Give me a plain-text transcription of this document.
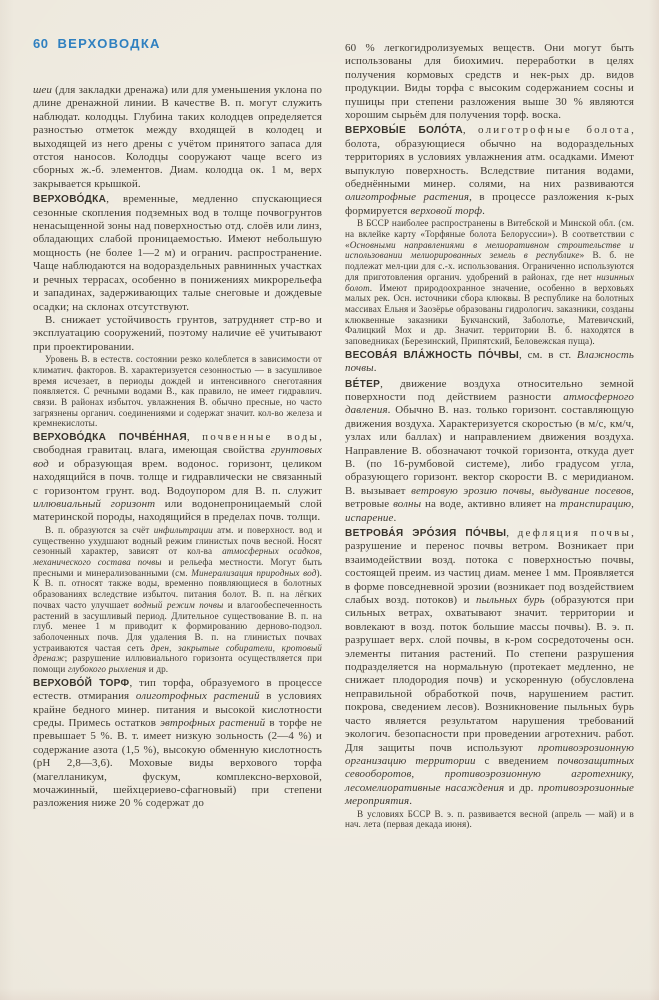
60 ВЕРХОВОДКА

шеи (для закладки дренажа) или для уменьшения уклона по длине дренажной линии. В качестве В. п. могут служить наблюдат. колодцы. Глубина таких колодцев определяется разностью отметок между входящей в колодец и выходящей из него дрены с учётом принятого запаса для отстоя наносов. Колодцы сооружают чаще всего из сборных ж.-б. элементов. Диам. колодца ок. 1 м, верх закрывается крышкой.

ВЕРХОВО́ДКА, временные, медленно спускающиеся сезонные скопления подземных вод в толще почвогрунтов ненасыщенной зоны над поверхностью отд. слоёв или линз, обладающих слабой проницаемостью. Имеют небольшую мощность (не более 1—2 м) и огранич. распространение. Чаще наблюдаются на водораздельных равнинных участках и речных террасах, особенно в понижениях микрорельефа и западинах, задерживающих талые снеговые и дождевые осадки; на склонах отсутствуют.

В. снижает устойчивость грунтов, затрудняет стр-во и эксплуатацию сооружений, поэтому наличие её учитывают при проектировании.

Уровень В. в естеств. состоянии резко колеблется в зависимости от климатич. факторов. В. характеризуется сезонностью — в засушливое время исчезает, в периоды дождей и интенсивного снеготаяния появляется. С речными водами В., как правило, не имеет гидравлич. связи. В районах избыточ. увлажнения В. обычно пресные, но часто загрязнены органич. соединениями и содержат значит. кол-во железа и кремнекислоты.

ВЕРХОВО́ДКА ПОЧВЕ́ННАЯ, почвенные воды, свободная гравитац. влага, имеющая свойства грунтовых вод и образующая врем. водонос. горизонт, целиком находящийся в почв. толще и гидравлически не связанный с горизонтом грунт. вод. Водоупором для В. п. служит иллювиальный горизонт или водонепроницаемый слой материнской породы, находящийся в пределах почв. толщи.

В. п. образуются за счёт инфильтрации атм. и поверхност. вод и существенно ухудшают водный режим глинистых почв весной. Носят сезонный характер, зависят от кол-ва атмосферных осадков, механического состава почвы и рельефа местности. Могут быть пресными и минерализованными (см. Минерализация природных вод). К В. п. относят также воды, временно появляющиеся в болотных образованиях вследствие избыточ. питания болот. В. п. на лёгких почвах часто улучшает водный режим почвы и влагообеспеченность растений в засушливый период. Длительное существование В. п. на глуб. менее 1 м приводит к формированию дерново-подзол. заболоченных почв. Для удаления В. п. на глинистых почвах устраиваются частая сеть дрен, закрытые собиратели, кротовый дренаж; разрушение иллювиального горизонта осуществляется при помощи глубокого рыхления и др.

ВЕРХОВО́Й ТОРФ, тип торфа, образуемого в процессе естеств. отмирания олиготрофных растений в условиях крайне бедного минер. питания и высокой кислотности среды. Примесь остатков эвтрофных растений в торфе не превышает 5 %. В. т. имеет низкую зольность (2—4 %) и содержание азота (1,5 %), высокую обменную кислотность (pH 2,8—3,6). Моховые виды верхового торфа (магелланикум, фускум, комплексно-верховой, мочажинный, шейхцериево-сфагновый) при степени разложения ниже 20 % содержат до

60 % легкогидролизуемых веществ. Они могут быть использованы для биохимич. переработки в целях получения кормовых средств и нек-рых др. видов продукции. Виды торфа с высоким содержанием сосны и пушицы при степени разложения выше 30 % являются хорошим сырьём для получения торф. воска.

ВЕРХОВЫ́Е БОЛО́ТА, олиготрофные болота, болота, образующиеся обычно на водораздельных территориях в условиях увлажнения атм. осадками. Имеют выпуклую поверхность. Вследствие питания водами, обеднёнными минер. солями, на них развиваются олиготрофные растения, в процессе разложения к-рых формируется верховой торф.

В БССР наиболее распространены в Витебской и Минской обл. (см. на вклейке карту «Торфяные болота Белоруссии»). В соответствии с «Основными направлениями в мелиоративном строительстве и использовании мелиорированных земель в республике» В. б. не подлежат мел-ции для с.-х. использования. Ограниченно используются для приготовления органич. удобрений в районах, где нет низинных болот. Имеют природоохранное значение, особенно в верховьях малых рек. Осн. источники сбора клюквы. В республике на болотных массивах Ельня и Заозёрье образованы гидрологич. заказники, созданы клюквенные заказники Букчанский, Заболотье, Матевичский, Фалицкий Мох и др. Значит. территории В. б. находятся в заповедниках (Березинский, Припятский, Беловежская пуща).

ВЕСОВА́Я ВЛА́ЖНОСТЬ ПО́ЧВЫ, см. в ст. Влажность почвы.

ВЕ́ТЕР, движение воздуха относительно земной поверхности под действием разности атмосферного давления. Обычно В. наз. только горизонт. составляющую движения воздуха. Характеризуется скоростью (в м/с, км/ч, узлах или баллах) и направлением движения воздуха. Направление В. обозначают точкой горизонта, откуда дует В. (по 16-румбовой системе), либо градусом угла, образующего горизонт. вектор скорости В. с меридианом. В. вызывает ветровую эрозию почвы, выдувание посевов, ветровые волны на воде, активно влияет на транспирацию, испарение.

ВЕТРОВА́Я ЭРО́ЗИЯ ПО́ЧВЫ, дефляция почвы, разрушение и перенос почвы ветром. Возникает при взаимодействии возд. потока с поверхностью почвы, состоящей преим. из частиц диам. менее 1 мм. Проявляется в форме повседневной эрозии (возникает под воздействием слабых возд. потоков) и пыльных бурь (образуются при сильных ветрах, охватывают значит. территории и вовлекают в возд. поток большие массы почвы). В. э. п. разрушает верх. слой почвы, в к-ром сосредоточены осн. элементы питания растений. По степени разрушения подразделяется на нормальную (протекает медленно, не снижает плодородия почв) и ускоренную (обусловлена неправильной обработкой почв, нарушением растит. покрова, сведением лесов). Возникновение пыльных бурь часто является результатом нарушения требований экологич. безопасности при проведении агротехнич. работ. Для защиты почв используют противоэрозионную организацию территории с введением почвозащитных севооборотов, противоэрозионную агротехнику, лесомелиоративные насаждения и др. противоэрозионные мероприятия.

В условиях БССР В. э. п. развивается весной (апрель — май) и в нач. лета (первая декада июня).
